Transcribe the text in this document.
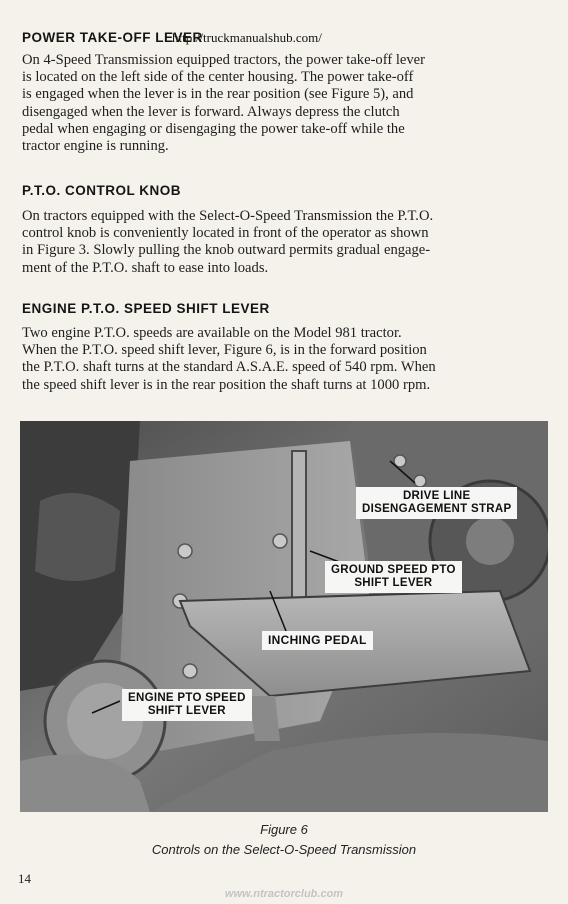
http://truckmanualshub.com/
POWER TAKE-OFF LEVER

On 4-Speed Transmission equipped tractors, the power take-off lever
is located on the left side of the center housing. The power take-off
is engaged when the lever is in the rear position (see Figure 5), and
disengaged when the lever is forward. Always depress the clutch
pedal when engaging or disengaging the power take-off while the
tractor engine is running.

P.T.O. CONTROL KNOB

On tractors equipped with the Select-O-Speed Transmission the P.T.O.
control knob is conveniently located in front of the operator as shown
in Figure 3. Slowly pulling the knob outward permits gradual engage-
ment of the P.T.O. shaft to ease into loads.

ENGINE P.T.O. SPEED SHIFT LEVER

Two engine P.T.O. speeds are available on the Model 981 tractor.
When the P.T.O. speed shift lever, Figure 6, is in the forward position
the P.T.O. shaft turns at the standard A.S.A.E. speed of 540 rpm. When
the speed shift lever is in the rear position the shaft turns at 1000 rpm.

DRIVE LINE
DISENGAGEMENT STRAP
GROUND SPEED PTO
SHIFT LEVER
INCHING PEDAL
ENGINE PTO SPEED
SHIFT LEVER
Figure 6
Controls on the Select-O-Speed Transmission
14
www.ntractorclub.com
